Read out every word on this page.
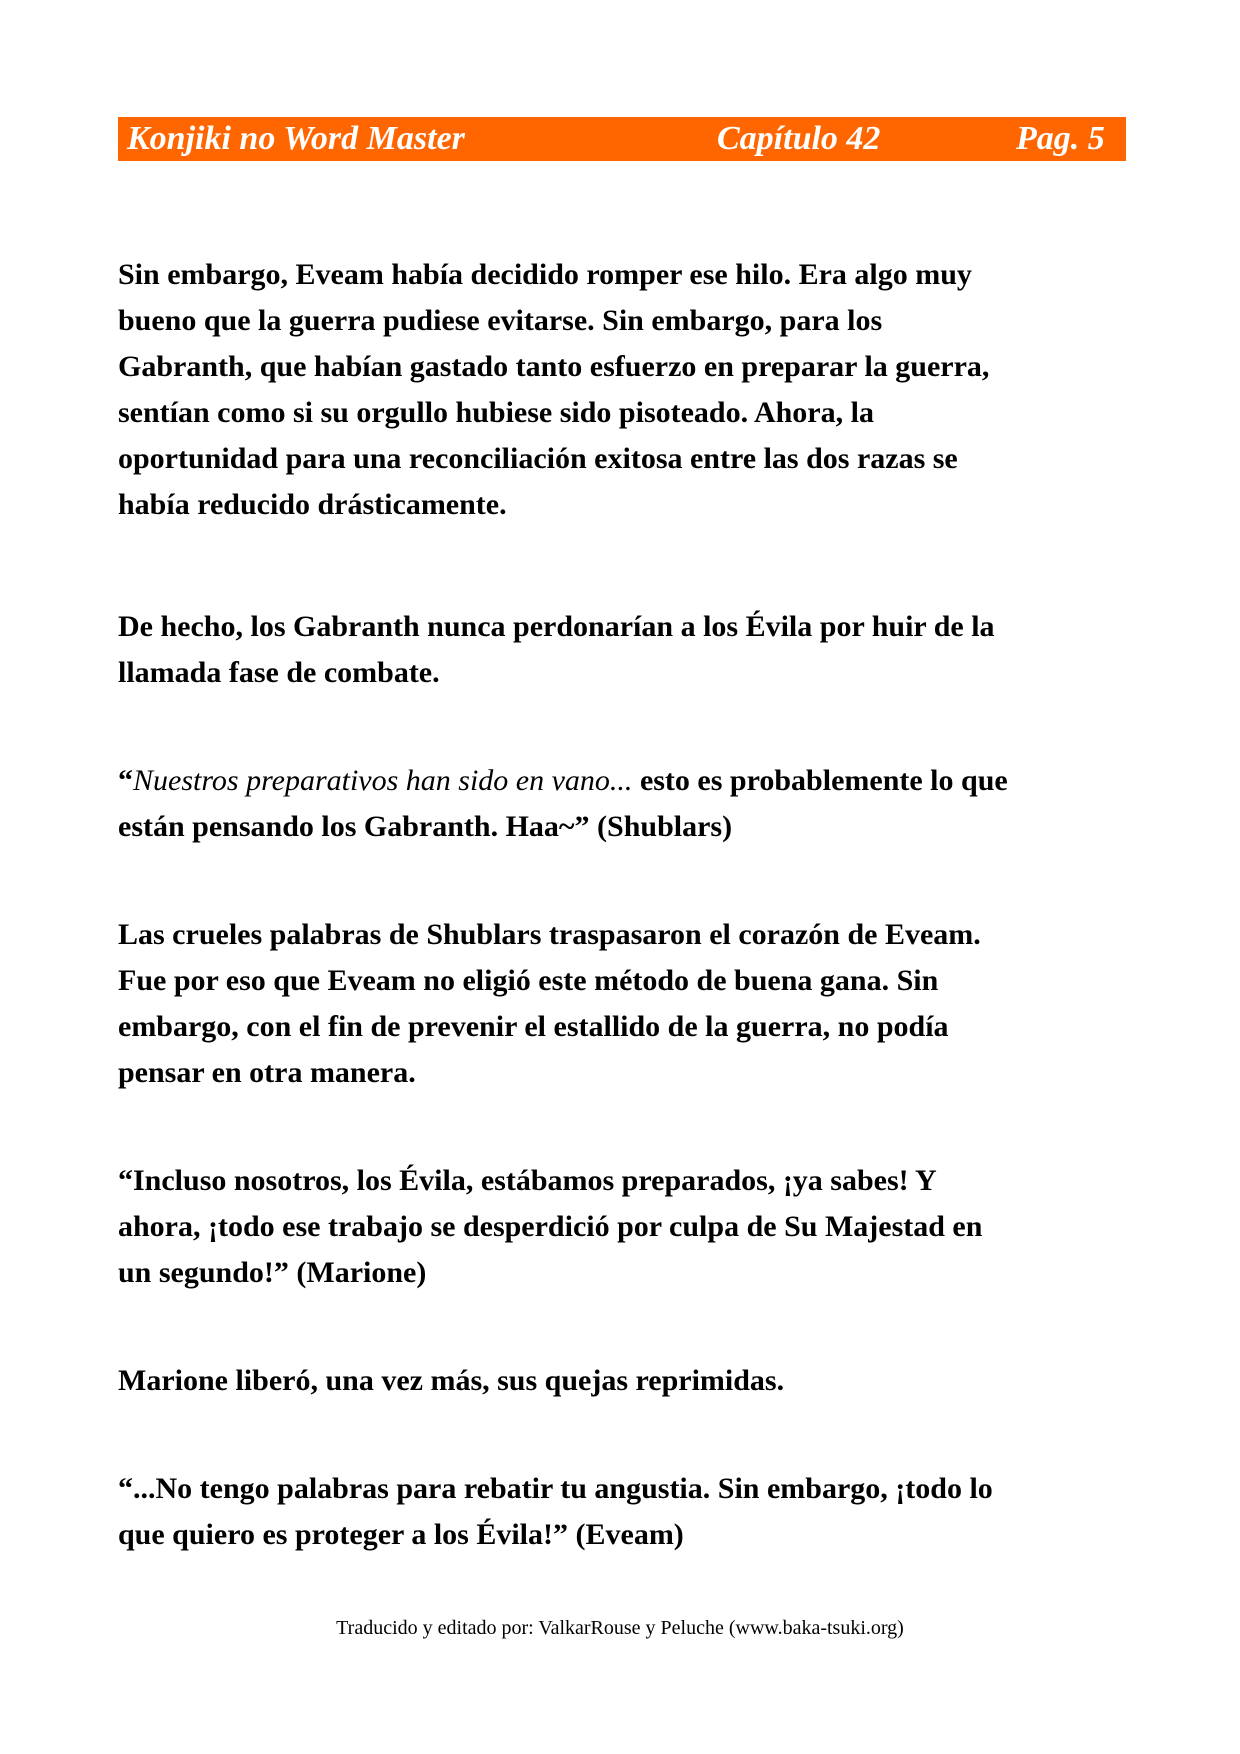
Konjiki no Word Master	Capítulo 42	Pag. 5

Sin embargo, Eveam había decidido romper ese hilo. Era algo muy

bueno que la guerra pudiese evitarse. Sin embargo, para los

Gabranth, que habían gastado tanto esfuerzo en preparar la guerra,

sentían como si su orgullo hubiese sido pisoteado. Ahora, la

oportunidad para una reconciliación exitosa entre las dos razas se

había reducido drásticamente.

De hecho, los Gabranth nunca perdonarían a los Évila por huir de la

llamada fase de combate.

“Nuestros preparativos han sido en vano... esto es probablemente lo que

están pensando los Gabranth. Haa~” (Shublars)

Las crueles palabras de Shublars traspasaron el corazón de Eveam.

Fue por eso que Eveam no eligió este método de buena gana. Sin

embargo, con el fin de prevenir el estallido de la guerra, no podía

pensar en otra manera.

“Incluso nosotros, los Évila, estábamos preparados, ¡ya sabes! Y

ahora, ¡todo ese trabajo se desperdició por culpa de Su Majestad en

un segundo!” (Marione)

Marione liberó, una vez más, sus quejas reprimidas.

“...No tengo palabras para rebatir tu angustia. Sin embargo, ¡todo lo

que quiero es proteger a los Évila!” (Eveam)

Traducido y editado por: ValkarRouse y Peluche (www.baka-tsuki.org)
